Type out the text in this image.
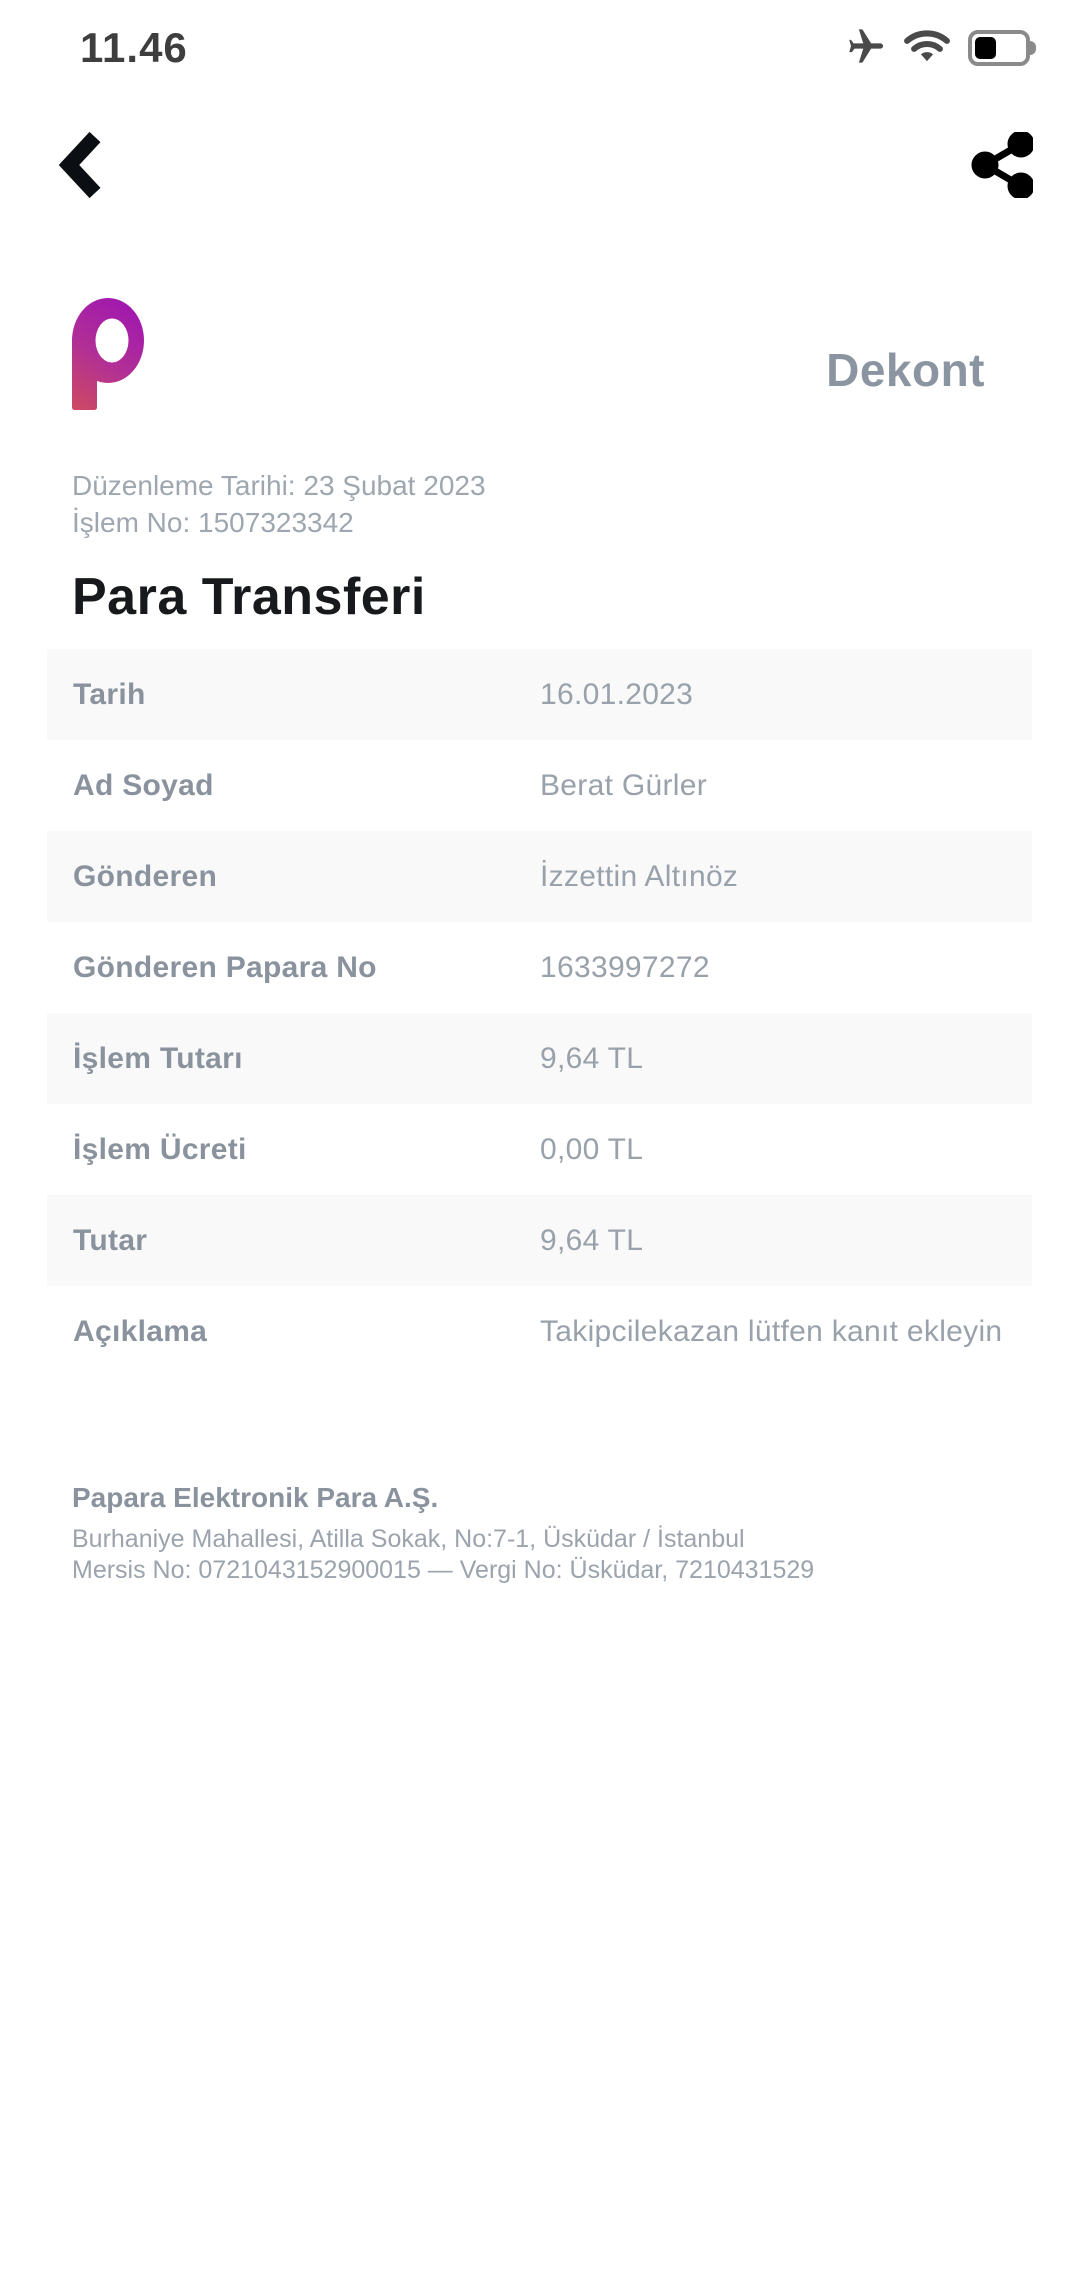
11.46
Dekont
Düzenleme Tarihi: 23 Şubat 2023
İşlem No: 1507323342
Para Transferi
Tarih	16.01.2023
Ad Soyad	Berat Gürler
Gönderen	İzzettin Altınöz
Gönderen Papara No	1633997272
İşlem Tutarı	9,64 TL
İşlem Ücreti	0,00 TL
Tutar	9,64 TL
Açıklama	Takipcilekazan lütfen kanıt ekleyin
Papara Elektronik Para A.Ş.
Burhaniye Mahallesi, Atilla Sokak, No:7-1, Üsküdar / İstanbul
Mersis No: 0721043152900015 — Vergi No: Üsküdar, 7210431529
